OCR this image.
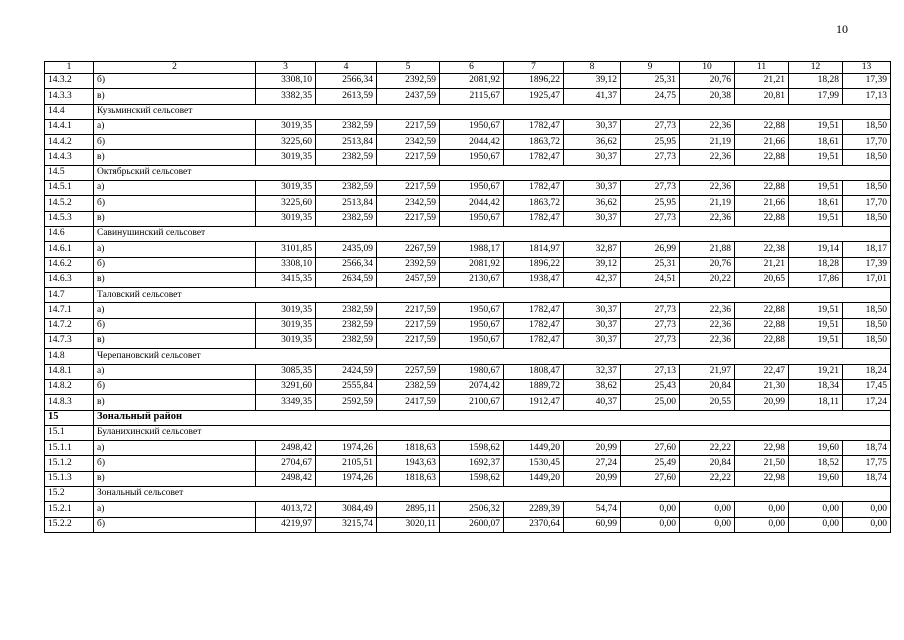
10
1	2	3	4	5	6	7	8	9	10	11	12	13
14.3.2	б)	3308,10	2566,34	2392,59	2081,92	1896,22	39,12	25,31	20,76	21,21	18,28	17,39
14.3.3	в)	3382,35	2613,59	2437,59	2115,67	1925,47	41,37	24,75	20,38	20,81	17,99	17,13
14.4	Кузьминский сельсовет											
14.4.1	а)	3019,35	2382,59	2217,59	1950,67	1782,47	30,37	27,73	22,36	22,88	19,51	18,50
14.4.2	б)	3225,60	2513,84	2342,59	2044,42	1863,72	36,62	25,95	21,19	21,66	18,61	17,70
14.4.3	в)	3019,35	2382,59	2217,59	1950,67	1782,47	30,37	27,73	22,36	22,88	19,51	18,50
14.5	Октябрьский сельсовет											
14.5.1	а)	3019,35	2382,59	2217,59	1950,67	1782,47	30,37	27,73	22,36	22,88	19,51	18,50
14.5.2	б)	3225,60	2513,84	2342,59	2044,42	1863,72	36,62	25,95	21,19	21,66	18,61	17,70
14.5.3	в)	3019,35	2382,59	2217,59	1950,67	1782,47	30,37	27,73	22,36	22,88	19,51	18,50
14.6	Савинушинский сельсовет											
14.6.1	а)	3101,85	2435,09	2267,59	1988,17	1814,97	32,87	26,99	21,88	22,38	19,14	18,17
14.6.2	б)	3308,10	2566,34	2392,59	2081,92	1896,22	39,12	25,31	20,76	21,21	18,28	17,39
14.6.3	в)	3415,35	2634,59	2457,59	2130,67	1938,47	42,37	24,51	20,22	20,65	17,86	17,01
14.7	Таловский сельсовет											
14.7.1	а)	3019,35	2382,59	2217,59	1950,67	1782,47	30,37	27,73	22,36	22,88	19,51	18,50
14.7.2	б)	3019,35	2382,59	2217,59	1950,67	1782,47	30,37	27,73	22,36	22,88	19,51	18,50
14.7.3	в)	3019,35	2382,59	2217,59	1950,67	1782,47	30,37	27,73	22,36	22,88	19,51	18,50
14.8	Черепановский сельсовет											
14.8.1	а)	3085,35	2424,59	2257,59	1980,67	1808,47	32,37	27,13	21,97	22,47	19,21	18,24
14.8.2	б)	3291,60	2555,84	2382,59	2074,42	1889,72	38,62	25,43	20,84	21,30	18,34	17,45
14.8.3	в)	3349,35	2592,59	2417,59	2100,67	1912,47	40,37	25,00	20,55	20,99	18,11	17,24
15	Зональный район											
15.1	Буланихинский сельсовет											
15.1.1	а)	2498,42	1974,26	1818,63	1598,62	1449,20	20,99	27,60	22,22	22,98	19,60	18,74
15.1.2	б)	2704,67	2105,51	1943,63	1692,37	1530,45	27,24	25,49	20,84	21,50	18,52	17,75
15.1.3	в)	2498,42	1974,26	1818,63	1598,62	1449,20	20,99	27,60	22,22	22,98	19,60	18,74
15.2	Зональный сельсовет											
15.2.1	а)	4013,72	3084,49	2895,11	2506,32	2289,39	54,74	0,00	0,00	0,00	0,00	0,00
15.2.2	б)	4219,97	3215,74	3020,11	2600,07	2370,64	60,99	0,00	0,00	0,00	0,00	0,00
